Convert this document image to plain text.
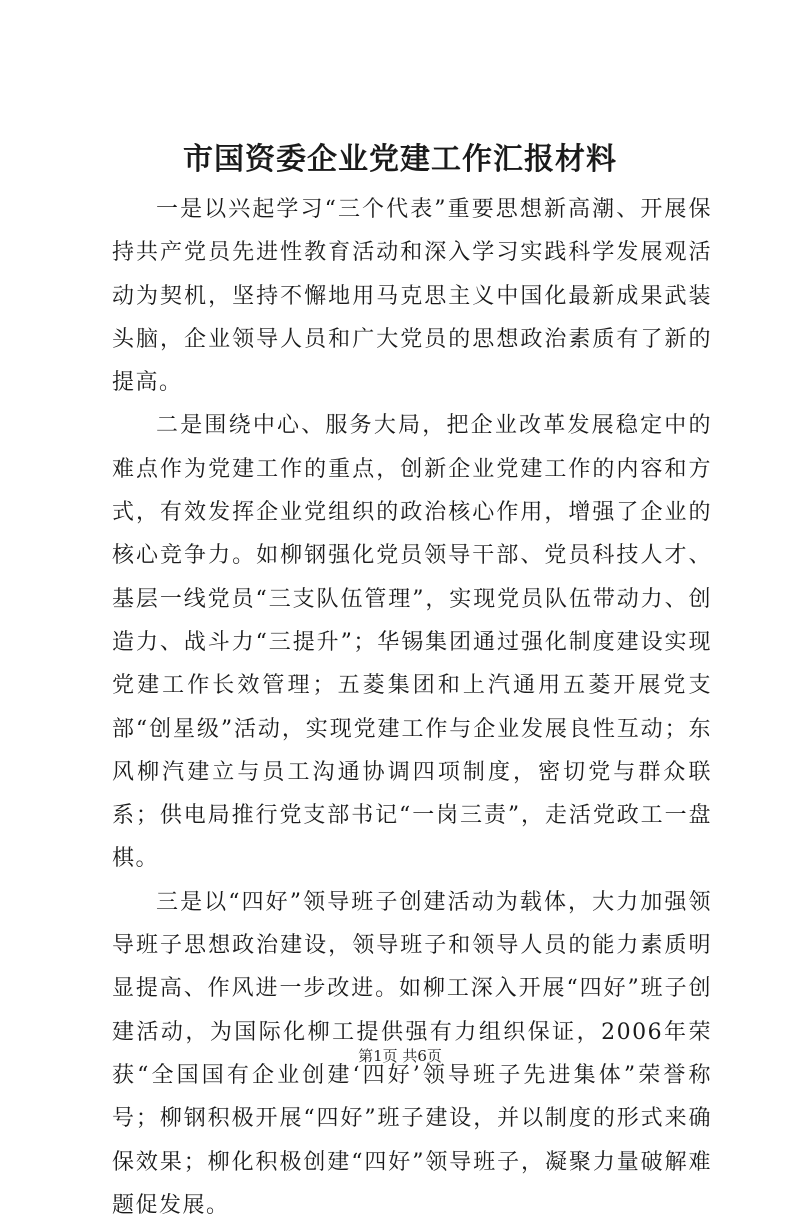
市国资委企业党建工作汇报材料

一是以兴起学习“三个代表”重要思想新高潮、开展保持共产党员先进性教育活动和深入学习实践科学发展观活动为契机，坚持不懈地用马克思主义中国化最新成果武装头脑，企业领导人员和广大党员的思想政治素质有了新的提高。

二是围绕中心、服务大局，把企业改革发展稳定中的难点作为党建工作的重点，创新企业党建工作的内容和方式，有效发挥企业党组织的政治核心作用，增强了企业的核心竞争力。如柳钢强化党员领导干部、党员科技人才、基层一线党员“三支队伍管理”，实现党员队伍带动力、创造力、战斗力“三提升”；华锡集团通过强化制度建设实现党建工作长效管理；五菱集团和上汽通用五菱开展党支部“创星级”活动，实现党建工作与企业发展良性互动；东风柳汽建立与员工沟通协调四项制度，密切党与群众联系；供电局推行党支部书记“一岗三责”，走活党政工一盘棋。

三是以“四好”领导班子创建活动为载体，大力加强领导班子思想政治建设，领导班子和领导人员的能力素质明显提高、作风进一步改进。如柳工深入开展“四好”班子创建活动，为国际化柳工提供强有力组织保证，2006年荣获“全国国有企业创建‘四好’领导班子先进集体”荣誉称号；柳钢积极开展“四好”班子建设，并以制度的形式来确保效果；柳化积极创建“四好”领导班子，凝聚力量破解难题促发展。

第1页 共6页
